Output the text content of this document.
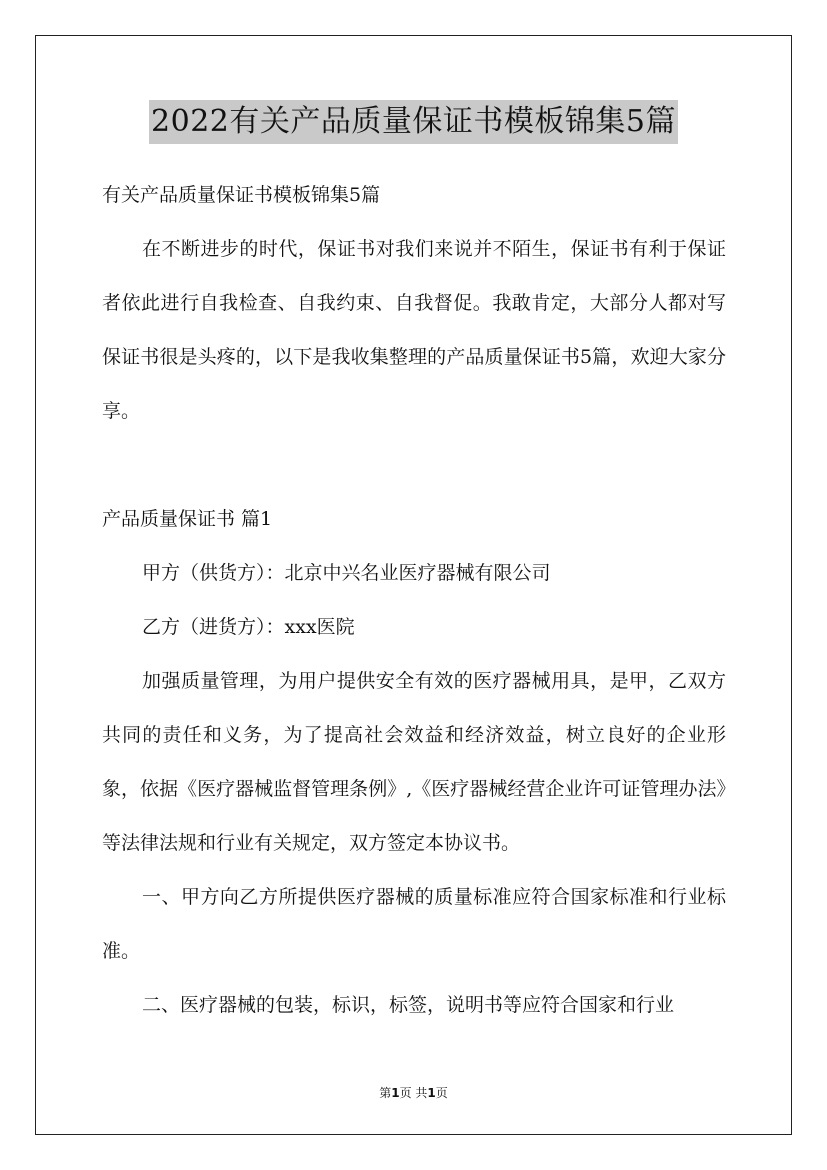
2022有关产品质量保证书模板锦集5篇

有关产品质量保证书模板锦集5篇

在不断进步的时代，保证书对我们来说并不陌生，保证书有利于保证者依此进行自我检查、自我约束、自我督促。我敢肯定，大部分人都对写保证书很是头疼的，以下是我收集整理的产品质量保证书5篇，欢迎大家分享。

产品质量保证书 篇1

甲方（供货方）：北京中兴名业医疗器械有限公司

乙方（进货方）：xxx医院

加强质量管理，为用户提供安全有效的医疗器械用具，是甲，乙双方共同的责任和义务，为了提高社会效益和经济效益，树立良好的企业形象，依据《医疗器械监督管理条例》,《医疗器械经营企业许可证管理办法》等法律法规和行业有关规定，双方签定本协议书。

一、甲方向乙方所提供医疗器械的质量标准应符合国家标准和行业标准。

二、医疗器械的包装，标识，标签，说明书等应符合国家和行业

第1页 共1页
